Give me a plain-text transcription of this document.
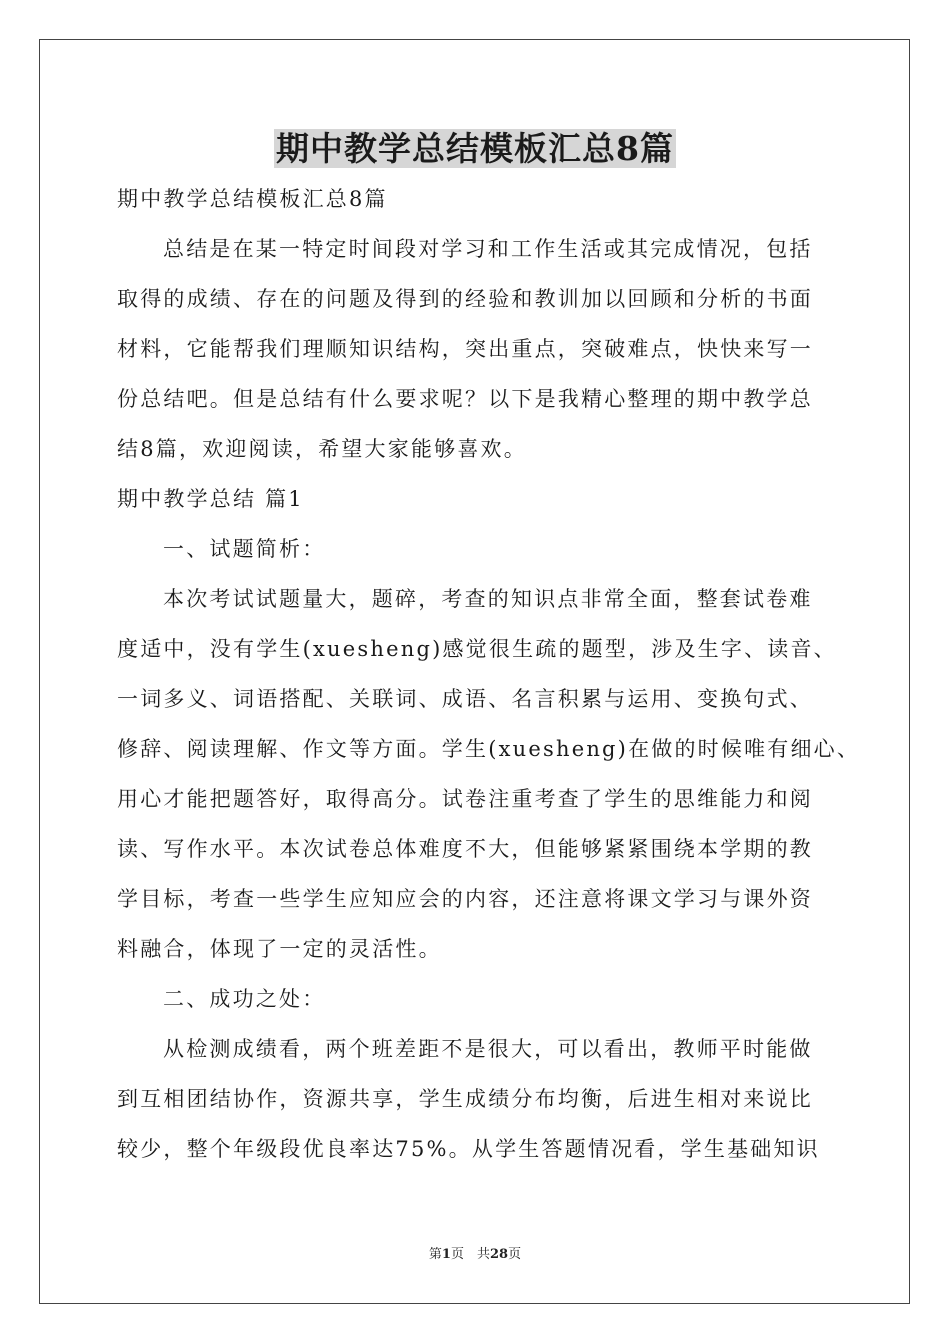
期中教学总结模板汇总8篇
期中教学总结模板汇总8篇
总结是在某一特定时间段对学习和工作生活或其完成情况，包括
取得的成绩、存在的问题及得到的经验和教训加以回顾和分析的书面
材料，它能帮我们理顺知识结构，突出重点，突破难点，快快来写一
份总结吧。但是总结有什么要求呢？以下是我精心整理的期中教学总
结8篇，欢迎阅读，希望大家能够喜欢。
期中教学总结 篇1
一、试题简析：
本次考试试题量大，题碎，考查的知识点非常全面，整套试卷难
度适中，没有学生(xuesheng)感觉很生疏的题型，涉及生字、读音、
一词多义、词语搭配、关联词、成语、名言积累与运用、变换句式、
修辞、阅读理解、作文等方面。学生(xuesheng)在做的时候唯有细心、
用心才能把题答好，取得高分。试卷注重考查了学生的思维能力和阅
读、写作水平。本次试卷总体难度不大，但能够紧紧围绕本学期的教
学目标，考查一些学生应知应会的内容，还注意将课文学习与课外资
料融合，体现了一定的灵活性。
二、成功之处：
从检测成绩看，两个班差距不是很大，可以看出，教师平时能做
到互相团结协作，资源共享，学生成绩分布均衡，后进生相对来说比
较少，整个年级段优良率达75%。从学生答题情况看，学生基础知识
第1页　共28页
